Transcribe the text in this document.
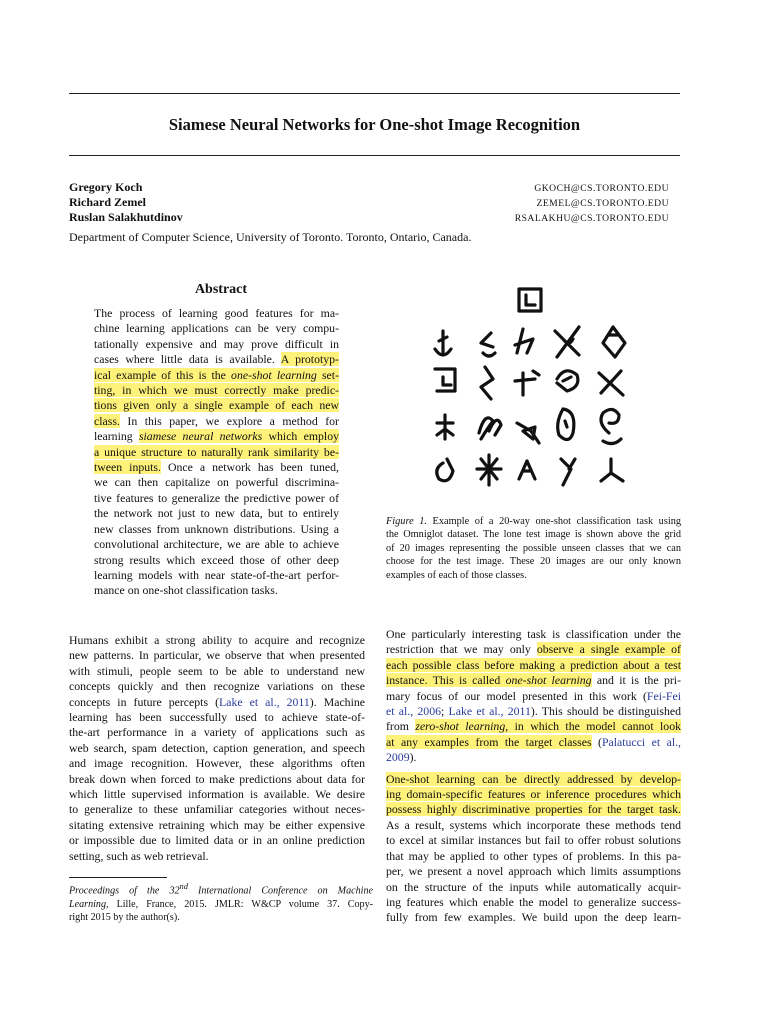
Siamese Neural Networks for One-shot Image Recognition
Gregory Koch
Richard Zemel
Ruslan Salakhutdinov
GKOCH@CS.TORONTO.EDU
ZEMEL@CS.TORONTO.EDU
RSALAKHU@CS.TORONTO.EDU
Department of Computer Science, University of Toronto. Toronto, Ontario, Canada.
Abstract
The process of learning good features for ma-
chine learning applications can be very compu-
tationally expensive and may prove difficult in
cases where little data is available. A prototyp-
ical example of this is the one-shot learning set-
ting, in which we must correctly make predic-
tions given only a single example of each new
class. In this paper, we explore a method for
learning siamese neural networks which employ
a unique structure to naturally rank similarity be-
tween inputs. Once a network has been tuned,
we can then capitalize on powerful discrimina-
tive features to generalize the predictive power of
the network not just to new data, but to entirely
new classes from unknown distributions. Using a
convolutional architecture, we are able to achieve
strong results which exceed those of other deep
learning models with near state-of-the-art perfor-
mance on one-shot classification tasks.
Figure 1. Example of a 20-way one-shot classification task using
the Omniglot dataset. The lone test image is shown above the grid
of 20 images representing the possible unseen classes that we can
choose for the test image. These 20 images are our only known
examples of each of those classes.
Humans exhibit a strong ability to acquire and recognize
new patterns. In particular, we observe that when presented
with stimuli, people seem to be able to understand new
concepts quickly and then recognize variations on these
concepts in future percepts (Lake et al., 2011). Machine
learning has been successfully used to achieve state-of-
the-art performance in a variety of applications such as
web search, spam detection, caption generation, and speech
and image recognition. However, these algorithms often
break down when forced to make predictions about data for
which little supervised information is available. We desire
to generalize to these unfamiliar categories without neces-
sitating extensive retraining which may be either expensive
or impossible due to limited data or in an online prediction
setting, such as web retrieval.
Proceedings of the 32nd International Conference on Machine
Learning, Lille, France, 2015. JMLR: W&CP volume 37. Copy-
right 2015 by the author(s).

One particularly interesting task is classification under the
restriction that we may only observe a single example of
each possible class before making a prediction about a test
instance. This is called one-shot learning and it is the pri-
mary focus of our model presented in this work (Fei-Fei
et al., 2006; Lake et al., 2011). This should be distinguished
from zero-shot learning, in which the model cannot look
at any examples from the target classes (Palatucci et al.,
2009).

One-shot learning can be directly addressed by develop-
ing domain-specific features or inference procedures which
possess highly discriminative properties for the target task.
As a result, systems which incorporate these methods tend
to excel at similar instances but fail to offer robust solutions
that may be applied to other types of problems. In this pa-
per, we present a novel approach which limits assumptions
on the structure of the inputs while automatically acquir-
ing features which enable the model to generalize success-
fully from few examples. We build upon the deep learn-
